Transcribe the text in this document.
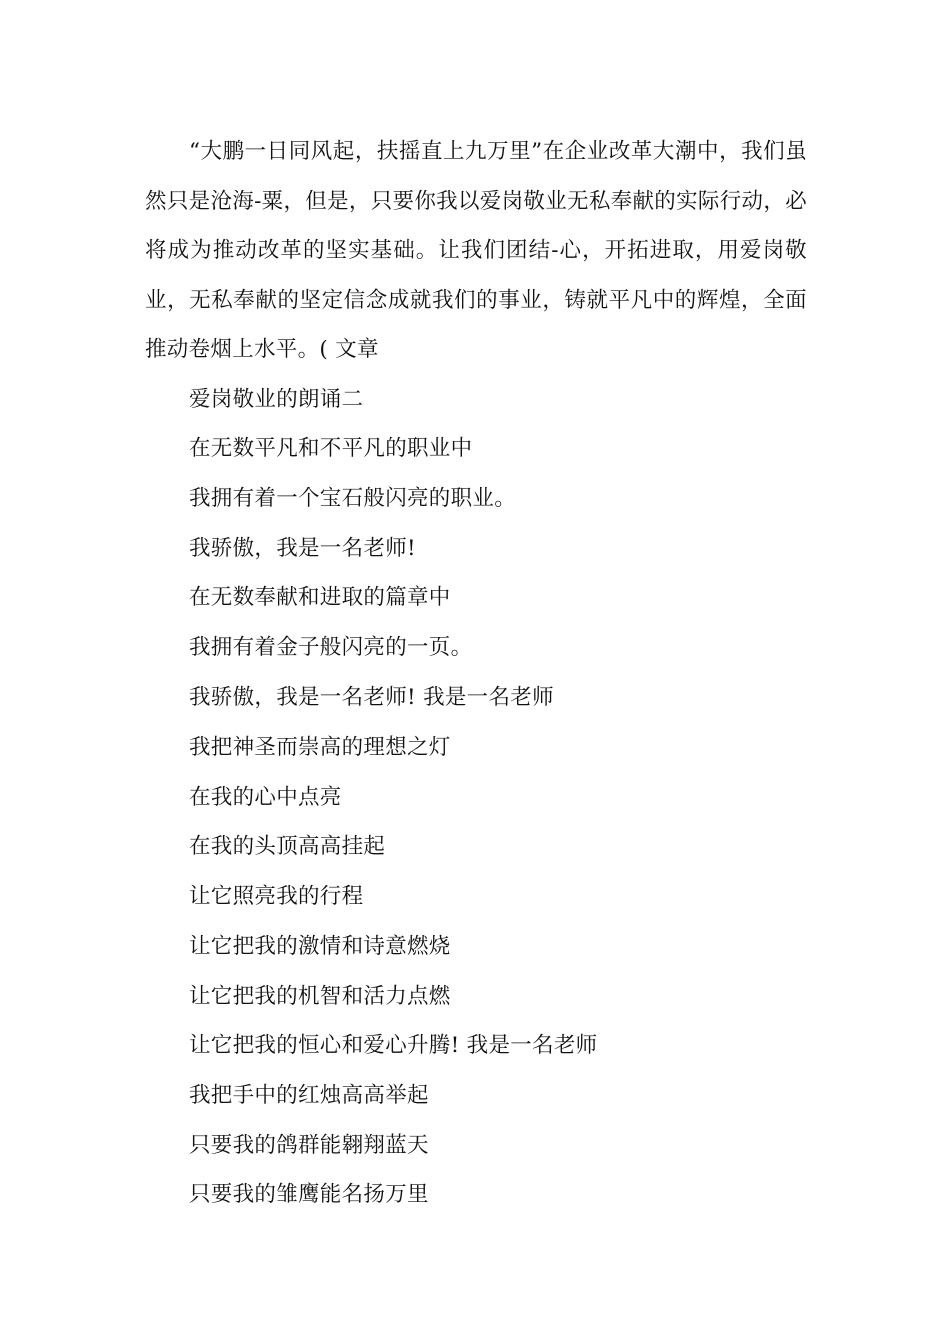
“大鹏一日同风起，扶摇直上九万里”在企业改革大潮中，我们虽然只是沧海-粟，但是，只要你我以爱岗敬业无私奉献的实际行动，必将成为推动改革的坚实基础。让我们团结-心，开拓进取，用爱岗敬业，无私奉献的坚定信念成就我们的事业，铸就平凡中的辉煌，全面推动卷烟上水平。( 文章

爱岗敬业的朗诵二

在无数平凡和不平凡的职业中

我拥有着一个宝石般闪亮的职业。

我骄傲，我是一名老师!

在无数奉献和进取的篇章中

我拥有着金子般闪亮的一页。

我骄傲，我是一名老师! 我是一名老师

我把神圣而崇高的理想之灯

在我的心中点亮

在我的头顶高高挂起

让它照亮我的行程

让它把我的激情和诗意燃烧

让它把我的机智和活力点燃

让它把我的恒心和爱心升腾! 我是一名老师

我把手中的红烛高高举起

只要我的鸽群能翱翔蓝天

只要我的雏鹰能名扬万里
